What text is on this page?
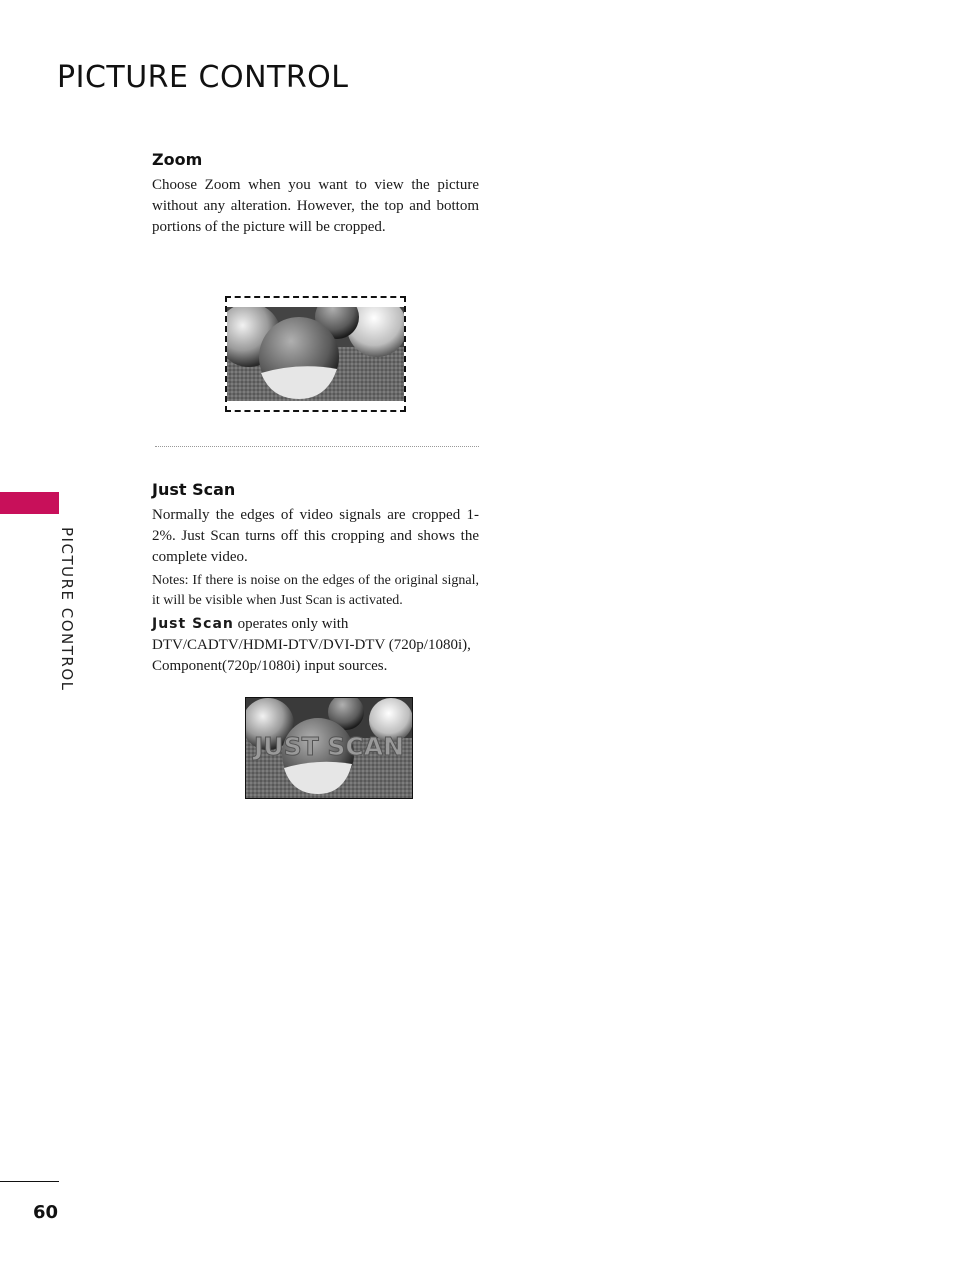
PICTURE CONTROL
PICTURE CONTROL
Zoom

Choose Zoom when you want to view the picture without any alteration. However, the top and bottom portions of the picture will be cropped.

Just Scan

Normally the edges of video signals are cropped 1-2%. Just Scan turns off this cropping and shows the complete video.

Notes: If there is noise on the edges of the original signal, it will be visible when Just Scan is activated.

Just Scan operates only with DTV/CADTV/HDMI-DTV/DVI-DTV (720p/1080i), Component(720p/1080i) input sources.

JUST SCAN
60
